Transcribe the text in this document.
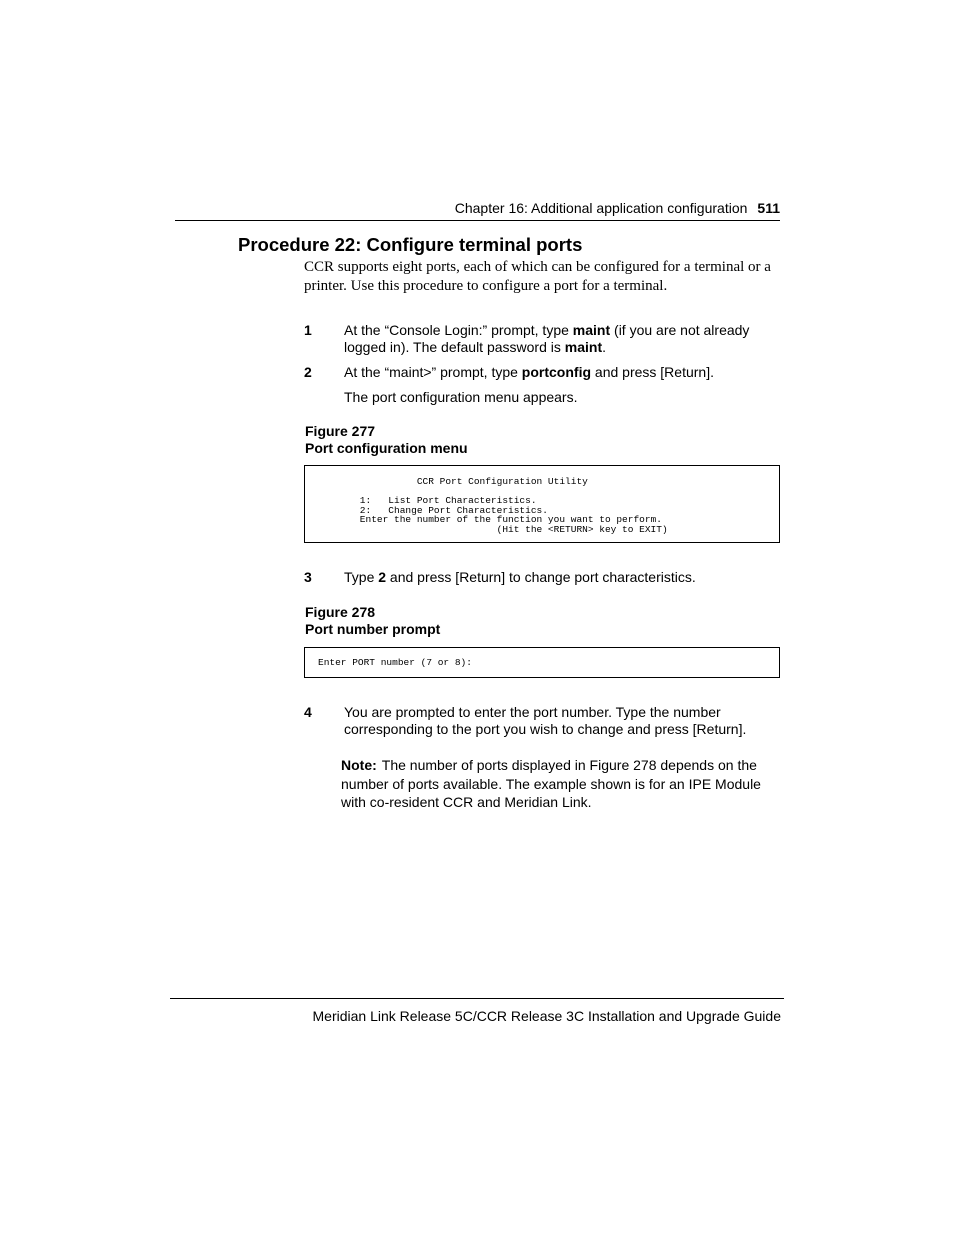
Chapter 16: Additional application configuration 511
Procedure 22: Configure terminal ports
CCR supports eight ports, each of which can be configured for a terminal or a printer. Use this procedure to configure a port for a terminal.
1 At the “Console Login:” prompt, type maint (if you are not already logged in). The default password is maint.
2 At the “maint>” prompt, type portconfig and press [Return].
The port configuration menu appears.
Figure 277
Port configuration menu
CCR Port Configuration Utility

1:   List Port Characteristics.
2:   Change Port Characteristics.
Enter the number of the function you want to perform.
(Hit the <RETURN> key to EXIT)
3 Type 2 and press [Return] to change port characteristics.
Figure 278
Port number prompt
Enter PORT number (7 or 8):
4 You are prompted to enter the port number. Type the number corresponding to the port you wish to change and press [Return].
Note: The number of ports displayed in Figure 278 depends on the number of ports available. The example shown is for an IPE Module with co-resident CCR and Meridian Link.
Meridian Link Release 5C/CCR Release 3C Installation and Upgrade Guide
